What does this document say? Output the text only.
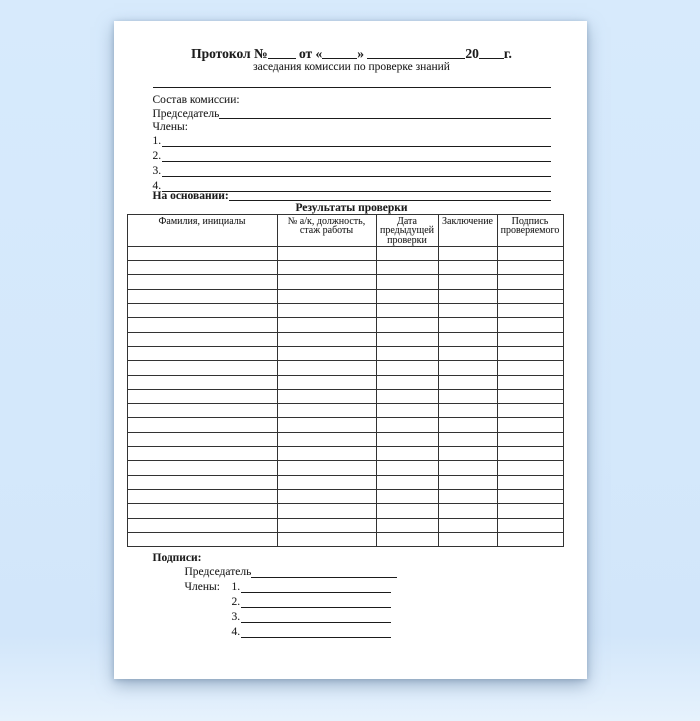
Протокол № от «	»	20 г.
заседания комиссии по проверке знаний
Состав комиссии:
Председатель
Члены:
1.
2.
3.
4.
На основании:
Результаты проверки
Фамилия, инициалы	№ а/к, должность, стаж работы	Дата предыдущей проверки	Заключение	Подпись проверяемого

Подписи:
Председатель
Члены:	1.
2.
3.
4.
